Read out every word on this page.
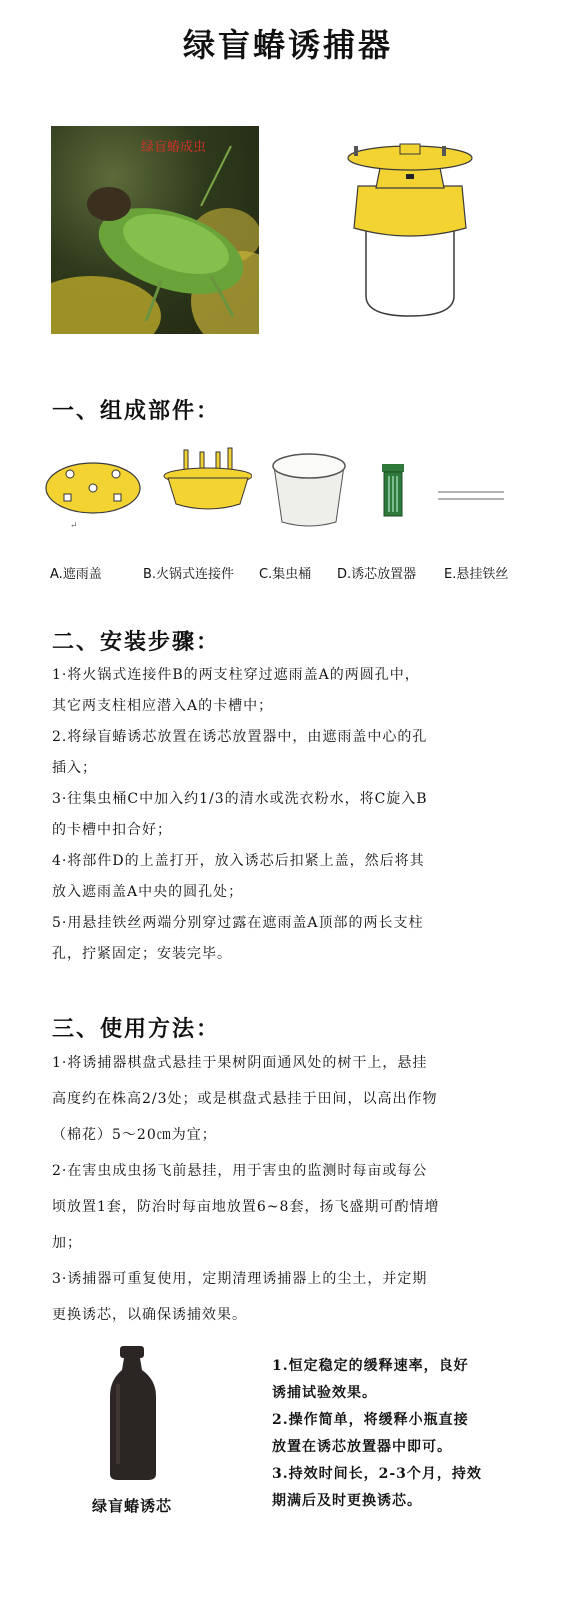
绿盲蝽诱捕器
绿盲蝽成虫
一、组成部件：
↵
A.遮雨盖	B.火锅式连接件 C.集虫桶 D.诱芯放置器 E.悬挂铁丝
二、安装步骤：

1·将火锅式连接件B的两支柱穿过遮雨盖A的两圆孔中，

其它两支柱相应潜入A的卡槽中；

2.将绿盲蝽诱芯放置在诱芯放置器中，由遮雨盖中心的孔

插入；

3·往集虫桶C中加入约1/3的清水或洗衣粉水，将C旋入B

的卡槽中扣合好；

4·将部件D的上盖打开，放入诱芯后扣紧上盖，然后将其

放入遮雨盖A中央的圆孔处；

5·用悬挂铁丝两端分别穿过露在遮雨盖A顶部的两长支柱

孔，拧紧固定；安装完毕。

三、使用方法：

1·将诱捕器棋盘式悬挂于果树阴面通风处的树干上，悬挂

高度约在株高2/3处；或是棋盘式悬挂于田间，以高出作物

（棉花）5～20㎝为宜；

2·在害虫成虫扬飞前悬挂，用于害虫的监测时每亩或每公

顷放置1套，防治时每亩地放置6~8套，扬飞盛期可酌情增

加；

3·诱捕器可重复使用，定期清理诱捕器上的尘土，并定期

更换诱芯，以确保诱捕效果。

绿盲蝽诱芯

1.恒定稳定的缓释速率，良好

诱捕试验效果。

2.操作简单，将缓释小瓶直接

放置在诱芯放置器中即可。

3.持效时间长，2-3个月，持效

期满后及时更换诱芯。
